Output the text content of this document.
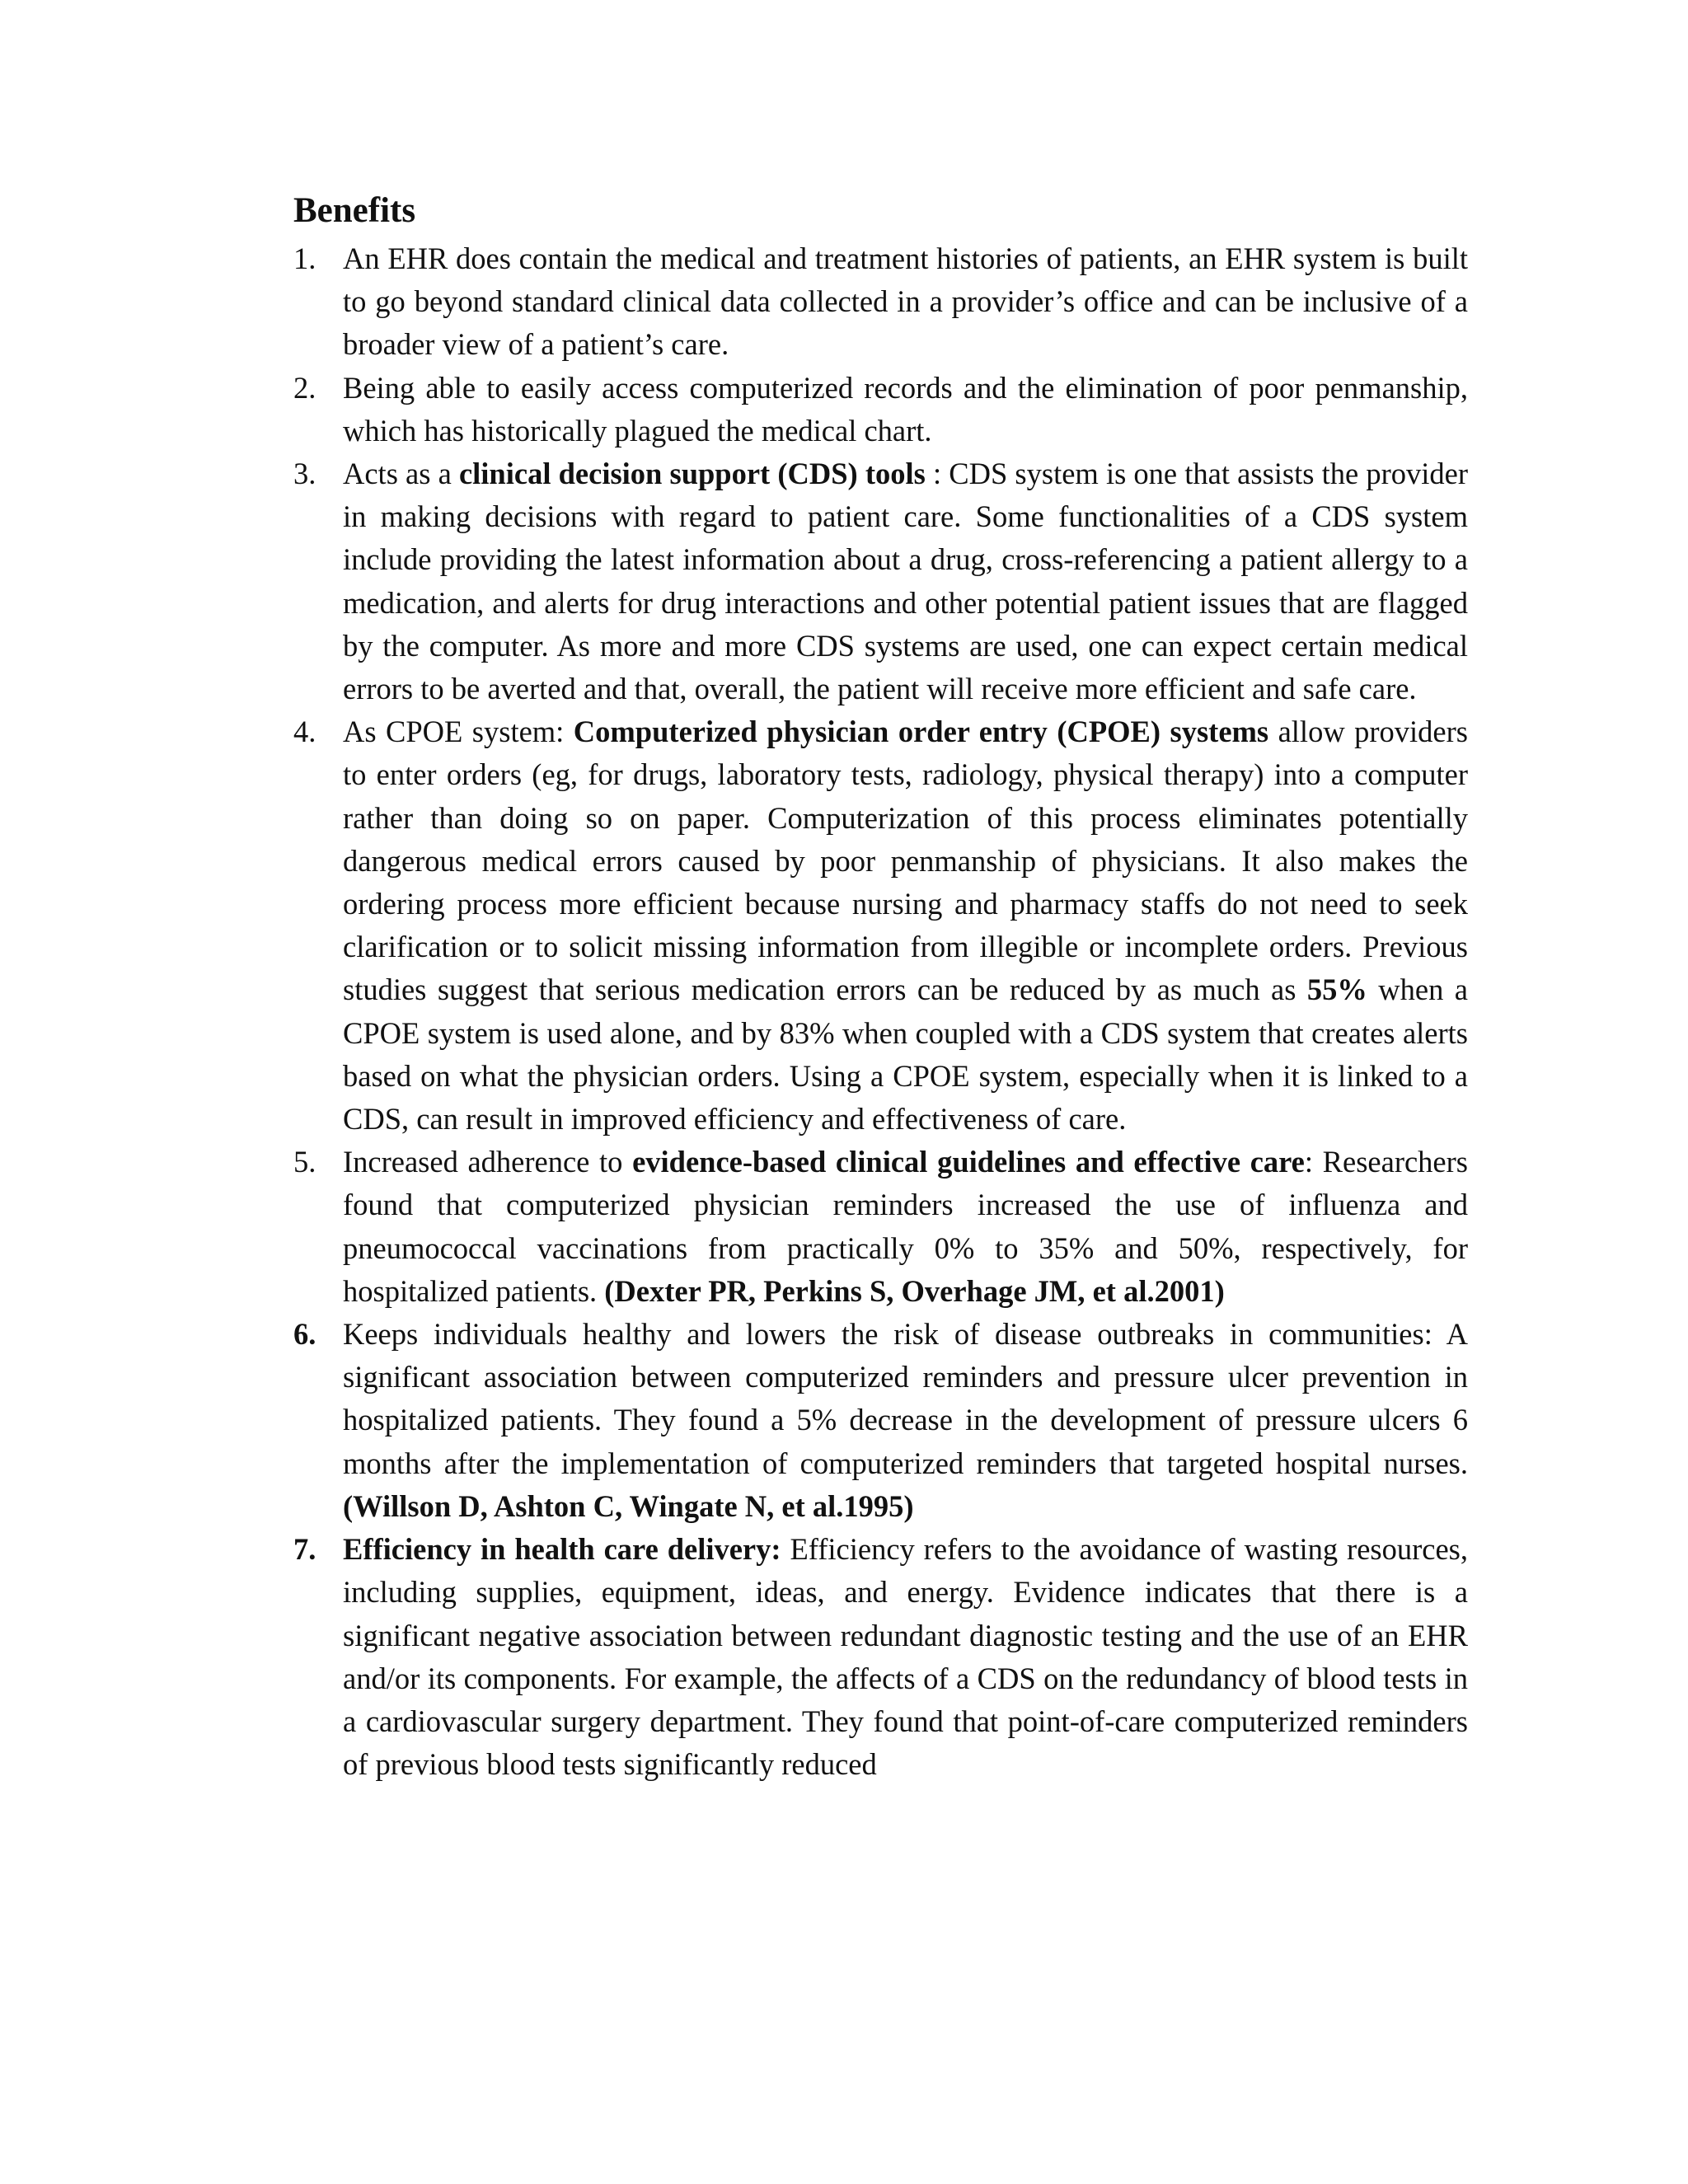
Benefits
1. An EHR does contain the medical and treatment histories of patients, an EHR system is built to go beyond standard clinical data collected in a provider’s office and can be inclusive of a broader view of a patient’s care.
2. Being able to easily access computerized records and the elimination of poor penmanship, which has historically plagued the medical chart.
3. Acts as a clinical decision support (CDS) tools : CDS system is one that assists the provider in making decisions with regard to patient care. Some functionalities of a CDS system include providing the latest information about a drug, cross-referencing a patient allergy to a medication, and alerts for drug interactions and other potential patient issues that are flagged by the computer. As more and more CDS systems are used, one can expect certain medical errors to be averted and that, overall, the patient will receive more efficient and safe care.
4. As CPOE system: Computerized physician order entry (CPOE) systems allow providers to enter orders (eg, for drugs, laboratory tests, radiology, physical therapy) into a computer rather than doing so on paper. Computerization of this process eliminates potentially dangerous medical errors caused by poor penmanship of physicians. It also makes the ordering process more efficient because nursing and pharmacy staffs do not need to seek clarification or to solicit missing information from illegible or incomplete orders. Previous studies suggest that serious medication errors can be reduced by as much as 55% when a CPOE system is used alone, and by 83% when coupled with a CDS system that creates alerts based on what the physician orders. Using a CPOE system, especially when it is linked to a CDS, can result in improved efficiency and effectiveness of care.
5. Increased adherence to evidence-based clinical guidelines and effective care: Researchers found that computerized physician reminders increased the use of influenza and pneumococcal vaccinations from practically 0% to 35% and 50%, respectively, for hospitalized patients. (Dexter PR, Perkins S, Overhage JM, et al.2001)
6. Keeps individuals healthy and lowers the risk of disease outbreaks in communities: A significant association between computerized reminders and pressure ulcer prevention in hospitalized patients. They found a 5% decrease in the development of pressure ulcers 6 months after the implementation of computerized reminders that targeted hospital nurses. (Willson D, Ashton C, Wingate N, et al.1995)
7. Efficiency in health care delivery: Efficiency refers to the avoidance of wasting resources, including supplies, equipment, ideas, and energy. Evidence indicates that there is a significant negative association between redundant diagnostic testing and the use of an EHR and/or its components. For example, the affects of a CDS on the redundancy of blood tests in a cardiovascular surgery department. They found that point-of-care computerized reminders of previous blood tests significantly reduced
